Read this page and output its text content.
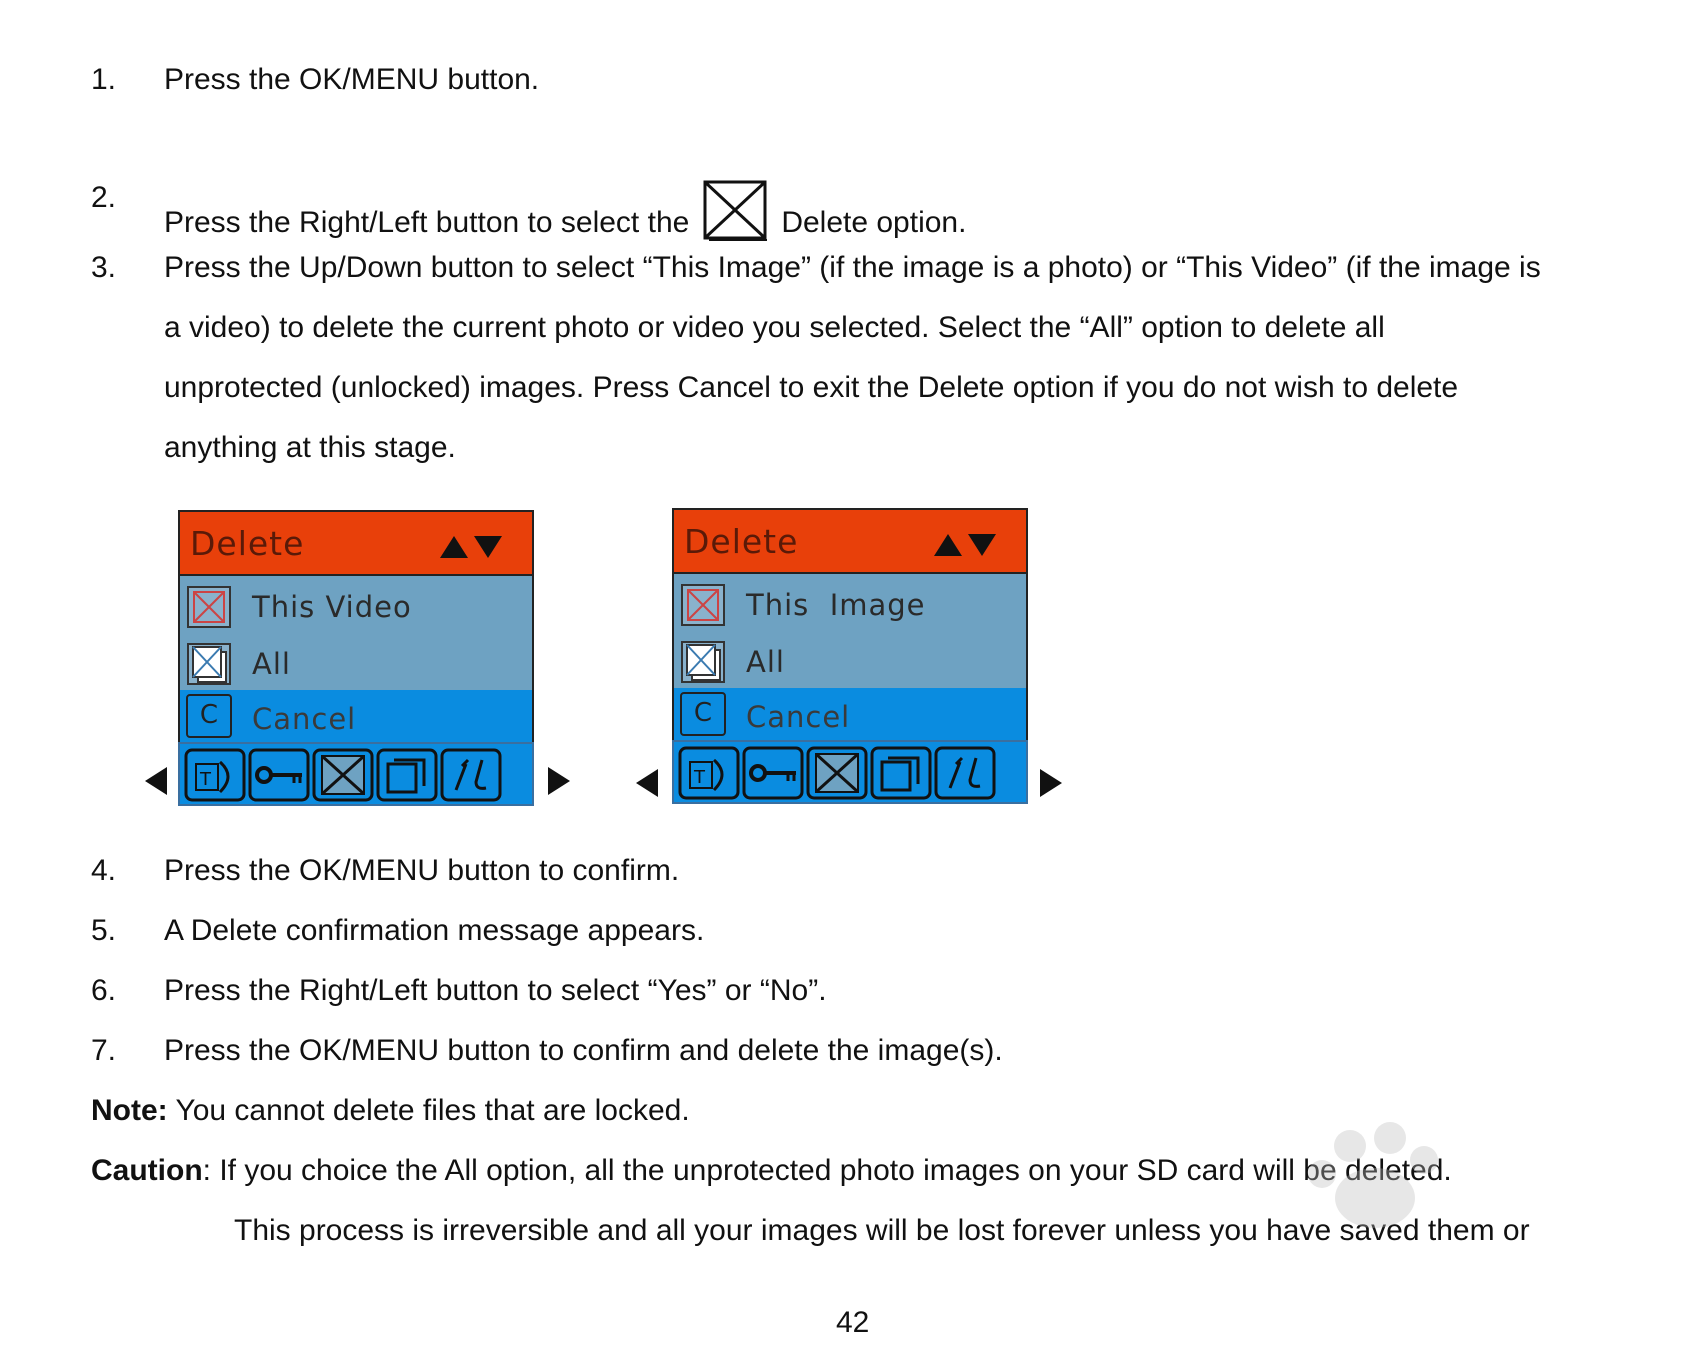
1. Press the OK/MENU button.
2.
Press the Right/Left button to select the	Delete option.
3. Press the Up/Down button to select “This Image” (if the image is a photo) or “This Video” (if the image is
a video) to delete the current photo or video you selected. Select the “All” option to delete all
unprotected (unlocked) images. Press Cancel to exit the Delete option if you do not wish to delete
anything at this stage.
Delete
This Video
All
C	Cancel
T
Delete
This  Image
All
C	Cancel
T
4. Press the OK/MENU button to confirm.
5. A Delete confirmation message appears.
6. Press the Right/Left button to select “Yes” or “No”.
7. Press the OK/MENU button to confirm and delete the image(s).
Note: You cannot delete files that are locked.
Caution: If you choice the All option, all the unprotected photo images on your SD card will be deleted.
This process is irreversible and all your images will be lost forever unless you have saved them or
42
